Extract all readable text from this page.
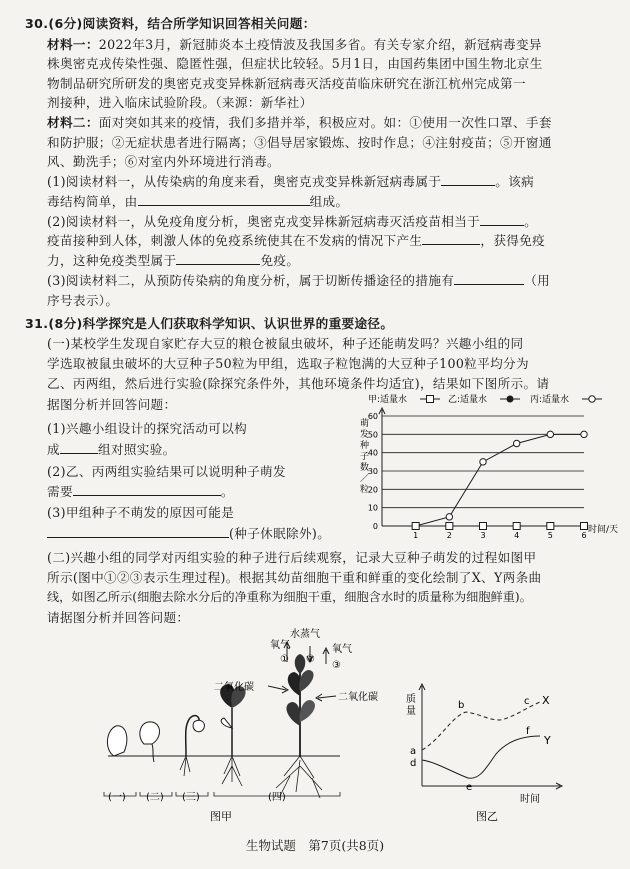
30.(6分)阅读资料，结合所学知识回答相关问题：
材料一：2022年3月，新冠肺炎本土疫情波及我国多省。有关专家介绍，新冠病毒变异
株奥密克戎传染性强、隐匿性强，但症状比较轻。5月1日，由国药集团中国生物北京生
物制品研究所研发的奥密克戎变异株新冠病毒灭活疫苗临床研究在浙江杭州完成第一
剂接种，进入临床试验阶段。（来源：新华社）
材料二：面对突如其来的疫情，我们多措并举，积极应对。如：①使用一次性口罩、手套
和防护服；②无症状患者进行隔离；③倡导居家锻炼、按时作息；④注射疫苗；⑤开窗通
风、勤洗手；⑥对室内外环境进行消毒。
(1)阅读材料一，从传染病的角度来看，奥密克戎变异株新冠病毒属于	。该病
毒结构简单，由	组成。
(2)阅读材料一，从免疫角度分析，奥密克戎变异株新冠病毒灭活疫苗相当于	。
疫苗接种到人体，刺激人体的免疫系统使其在不发病的情况下产生	，获得免疫
力，这种免疫类型属于	免疫。
(3)阅读材料二，从预防传染病的角度分析，属于切断传播途径的措施有	（用
序号表示）。
31.(8分)科学探究是人们获取科学知识、认识世界的重要途径。
(一)某校学生发现自家贮存大豆的粮仓被鼠虫破坏，种子还能萌发吗？兴趣小组的同
学选取被鼠虫破坏的大豆种子50粒为甲组，选取子粒饱满的大豆种子100粒平均分为
乙、丙两组，然后进行实验(除探究条件外，其他环境条件均适宜)，结果如下图所示。请
据图分析并回答问题：
(1)兴趣小组设计的探究活动可以构
成	组对照实验。
(2)乙、丙两组实验结果可以说明种子萌发
需要	。
(3)甲组种子不萌发的原因可能是
(种子休眠除外)。
甲:适量水	乙:适量水	丙:适量水
萌
发
种
子
数
／
粒
0
10
20
30
40
50
60
1	2	3	4	5	6
时间/天
(二)兴趣小组的同学对丙组实验的种子进行后续观察，记录大豆种子萌发的过程如图甲
所示(图中①②③表示生理过程)。根据其幼苗细胞干重和鲜重的变化绘制了X、Y两条曲
线，如图乙所示(细胞去除水分后的净重称为细胞干重，细胞含水时的质量称为细胞鲜重)。
请据图分析并回答问题：
水蒸气
氧气	氧气
① ②
③
二氧化碳
二氧化碳
(一) (二) (三)	(四)
图甲
质量
a
d
b	c
e
f
X
Y
时间
图乙
生物试题　第7页(共8页)
